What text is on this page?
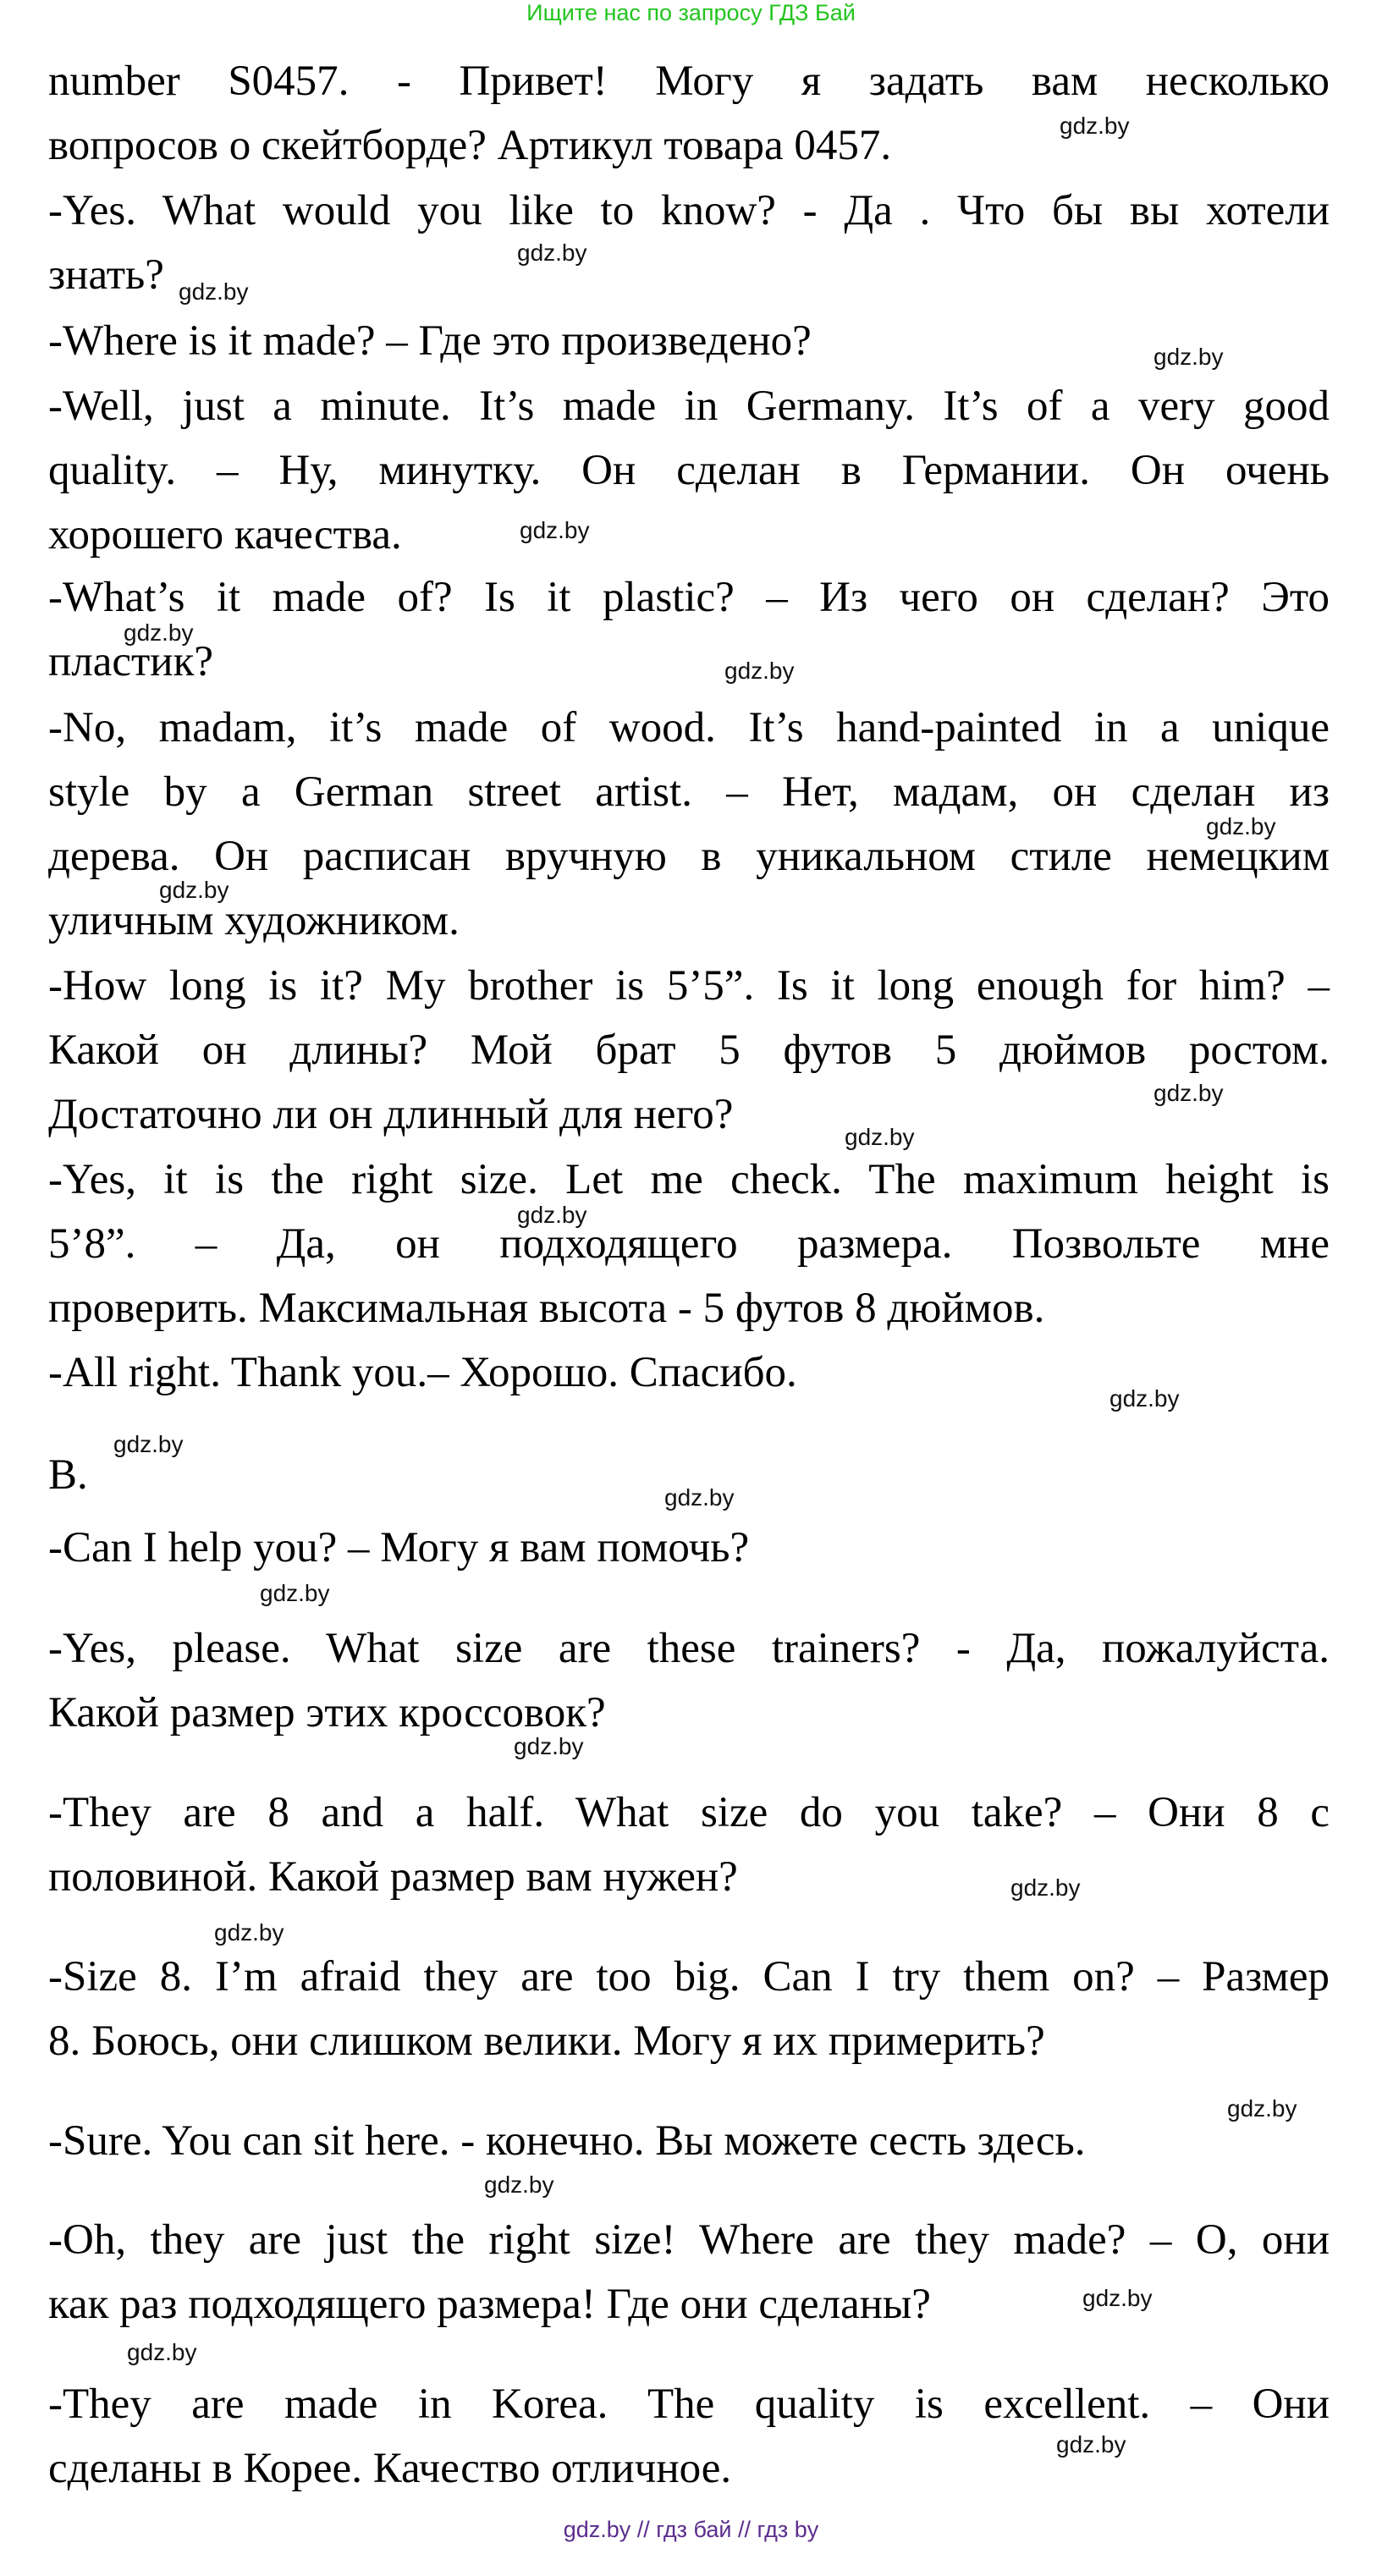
Ищите нас по запросу ГДЗ Бай
number S0457. - Привет! Могу я задать вам несколько
вопросов о скейтборде? Артикул товара 0457.
-Yes. What would you like to know? - Да . Что бы вы хотели
знать?
-Where is it made? – Где это произведено?
-Well, just a minute. It’s made in Germany. It’s of a very good
quality. – Ну, минутку. Он сделан в Германии. Он очень
хорошего качества.
-What’s it made of? Is it plastic? – Из чего он сделан? Это
пластик?
-No, madam, it’s made of wood. It’s hand-painted in a unique
style by a German street artist. – Нет, мадам, он сделан из
дерева. Он расписан вручную в уникальном стиле немецким
уличным художником.
-How long is it? My brother is 5’5”. Is it long enough for him? –
Какой он длины? Мой брат 5 футов 5 дюймов ростом.
Достаточно ли он длинный для него?
-Yes, it is the right size. Let me check. The maximum height is
5’8”. – Да, он подходящего размера. Позвольте мне
проверить. Максимальная высота - 5 футов 8 дюймов.
-All right. Thank you.– Хорошо. Спасибо.
B.
-Can I help you? – Могу я вам помочь?
-Yes, please. What size are these trainers? - Да, пожалуйста.
Какой размер этих кроссовок?
-They are 8 and a half. What size do you take? – Они 8 с
половиной. Какой размер вам нужен?
-Size 8. I’m afraid they are too big. Can I try them on? – Размер
8. Боюсь, они слишком велики. Могу я их примерить?
-Sure. You can sit here. - конечно. Вы можете сесть здесь.
-Oh, they are just the right size! Where are they made? – О, они
как раз подходящего размера! Где они сделаны?
-They are made in Korea. The quality is excellent. – Они
сделаны в Корее. Качество отличное.
gdz.by
gdz.by
gdz.by
gdz.by
gdz.by
gdz.by
gdz.by
gdz.by
gdz.by
gdz.by
gdz.by
gdz.by
gdz.by
gdz.by
gdz.by
gdz.by
gdz.by
gdz.by
gdz.by
gdz.by
gdz.by
gdz.by
gdz.by
gdz.by
gdz.by // гдз бай // гдз by
